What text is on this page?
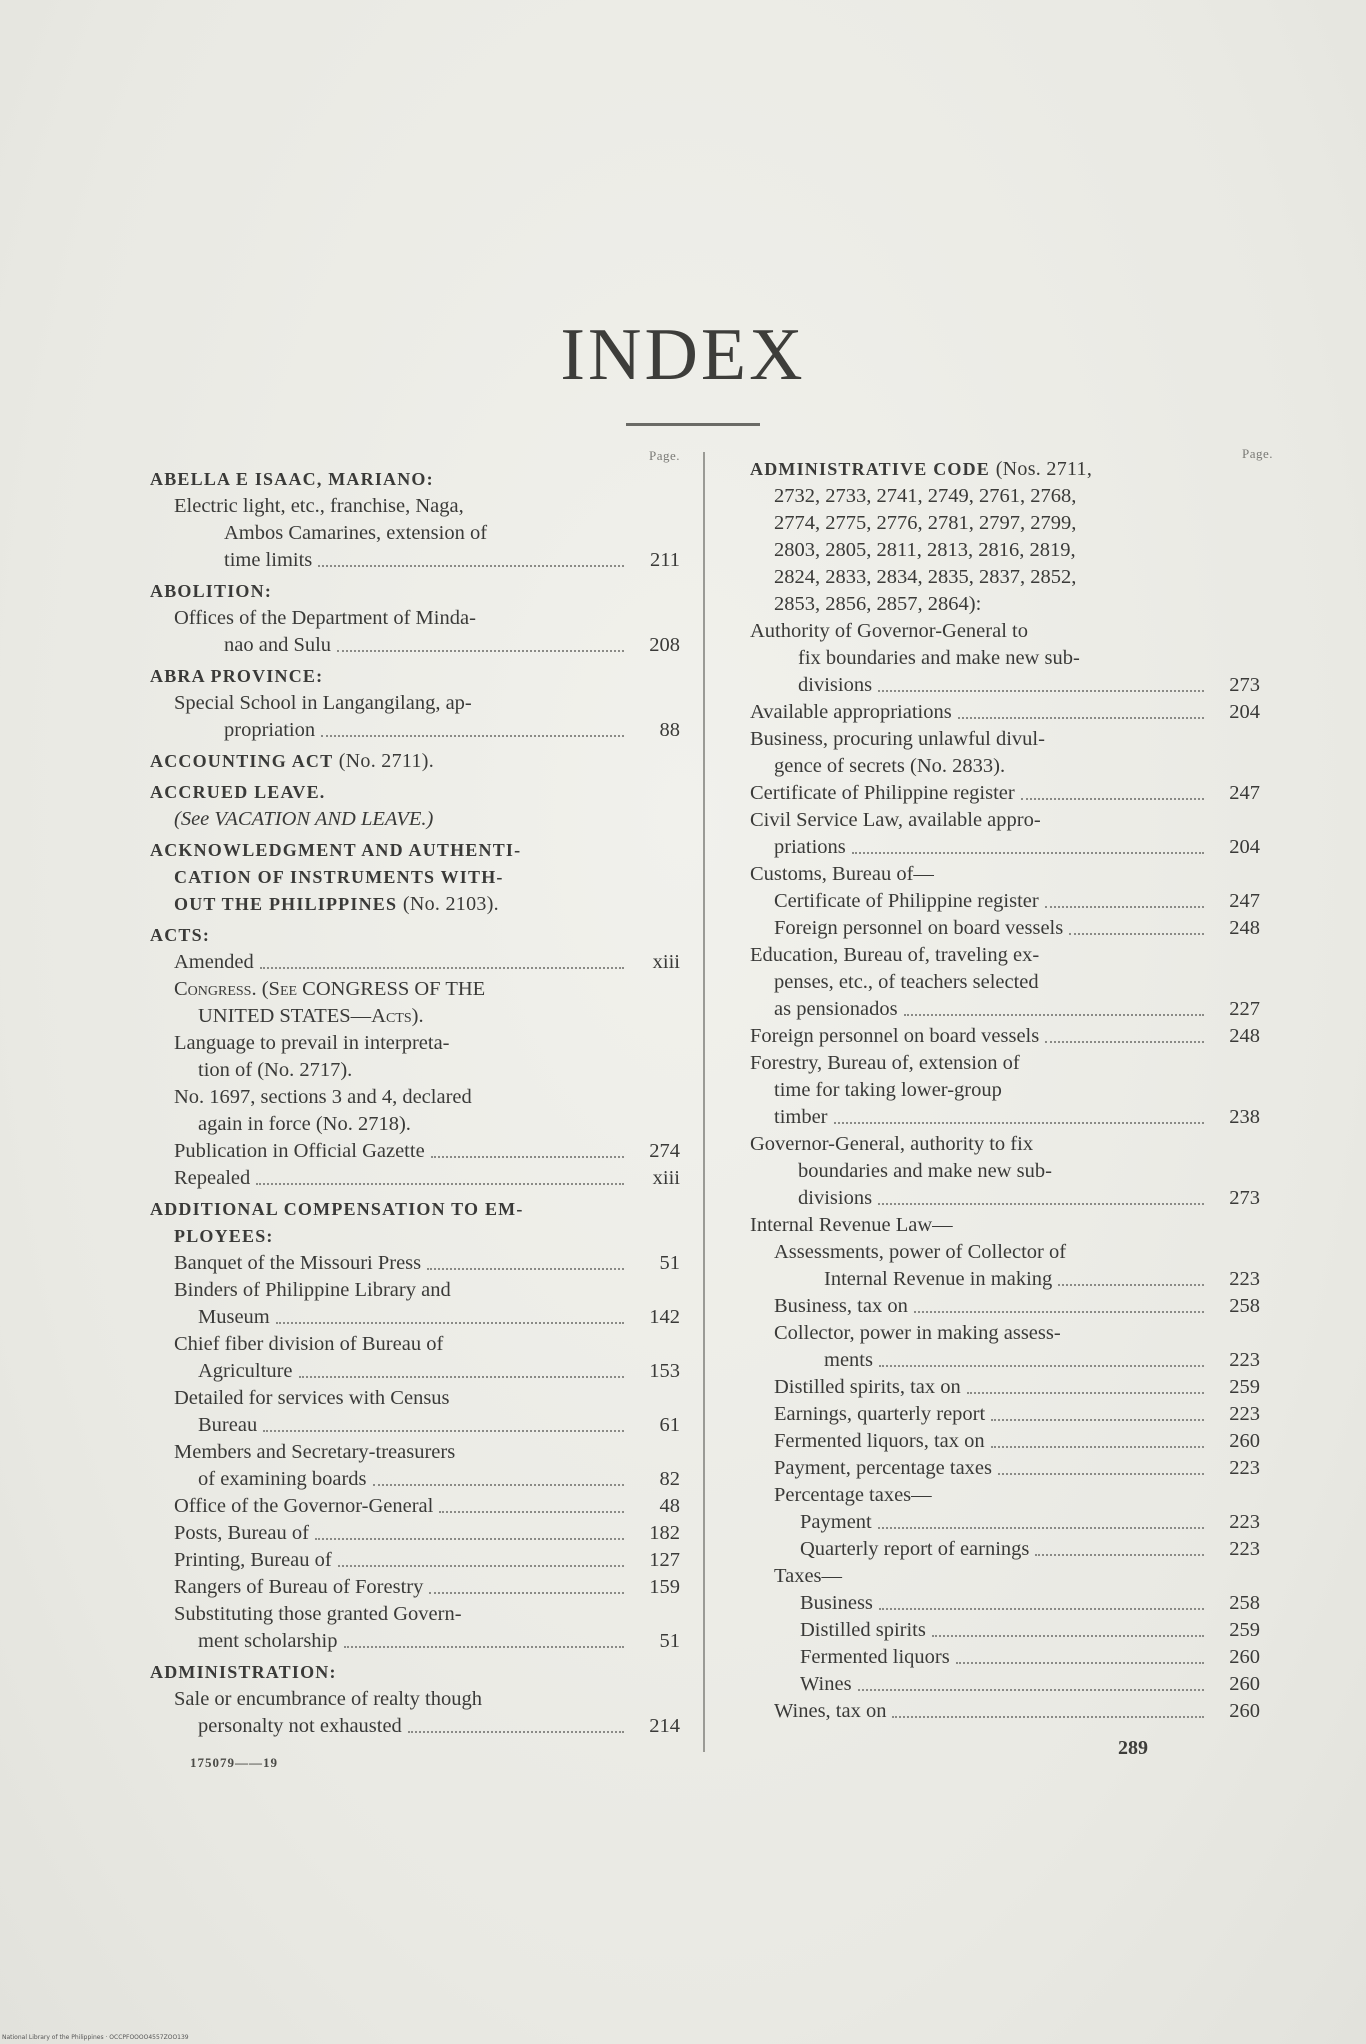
INDEX
Page.
ABELLA E ISAAC, MARIANO:
Electric light, etc., franchise, Naga,
Ambos Camarines, extension of
time limits	211
ABOLITION:
Offices of the Department of Minda-
nao and Sulu	208
ABRA PROVINCE:
Special School in Langangilang, ap-
propriation	88
ACCOUNTING ACT (No. 2711).
ACCRUED LEAVE.
(See VACATION AND LEAVE.)
ACKNOWLEDGMENT AND AUTHENTI-
CATION OF INSTRUMENTS WITH-
OUT THE PHILIPPINES (No. 2103).
ACTS:
Amended	xiii
Congress. (See CONGRESS OF THE
UNITED STATES—Acts).
Language to prevail in interpreta-
tion of (No. 2717).
No. 1697, sections 3 and 4, declared
again in force (No. 2718).
Publication in Official Gazette	274
Repealed	xiii
ADDITIONAL COMPENSATION TO EM-
PLOYEES:
Banquet of the Missouri Press	51
Binders of Philippine Library and
Museum	142
Chief fiber division of Bureau of
Agriculture	153
Detailed for services with Census
Bureau	61
Members and Secretary-treasurers
of examining boards	82
Office of the Governor-General	48
Posts, Bureau of	182
Printing, Bureau of	127
Rangers of Bureau of Forestry	159
Substituting those granted Govern-
ment scholarship	51
ADMINISTRATION:
Sale or encumbrance of realty though
personalty not exhausted	214
Page.
ADMINISTRATIVE CODE (Nos. 2711,
2732, 2733, 2741, 2749, 2761, 2768,
2774, 2775, 2776, 2781, 2797, 2799,
2803, 2805, 2811, 2813, 2816, 2819,
2824, 2833, 2834, 2835, 2837, 2852,
2853, 2856, 2857, 2864):
Authority of Governor-General to
fix boundaries and make new sub-
divisions	273
Available appropriations	204
Business, procuring unlawful divul-
gence of secrets (No. 2833).
Certificate of Philippine register	247
Civil Service Law, available appro-
priations	204
Customs, Bureau of—
Certificate of Philippine register	247
Foreign personnel on board vessels	248
Education, Bureau of, traveling ex-
penses, etc., of teachers selected
as pensionados	227
Foreign personnel on board vessels	248
Forestry, Bureau of, extension of
time for taking lower-group
timber	238
Governor-General, authority to fix
boundaries and make new sub-
divisions	273
Internal Revenue Law—
Assessments, power of Collector of
Internal Revenue in making	223
Business, tax on	258
Collector, power in making assess-
ments	223
Distilled spirits, tax on	259
Earnings, quarterly report	223
Fermented liquors, tax on	260
Payment, percentage taxes	223
Percentage taxes—
Payment	223
Quarterly report of earnings	223
Taxes—
Business	258
Distilled spirits	259
Fermented liquors	260
Wines	260
Wines, tax on	260
175079——19
289
National Library of the Philippines · OCCPFOOOO4557ZOO139
